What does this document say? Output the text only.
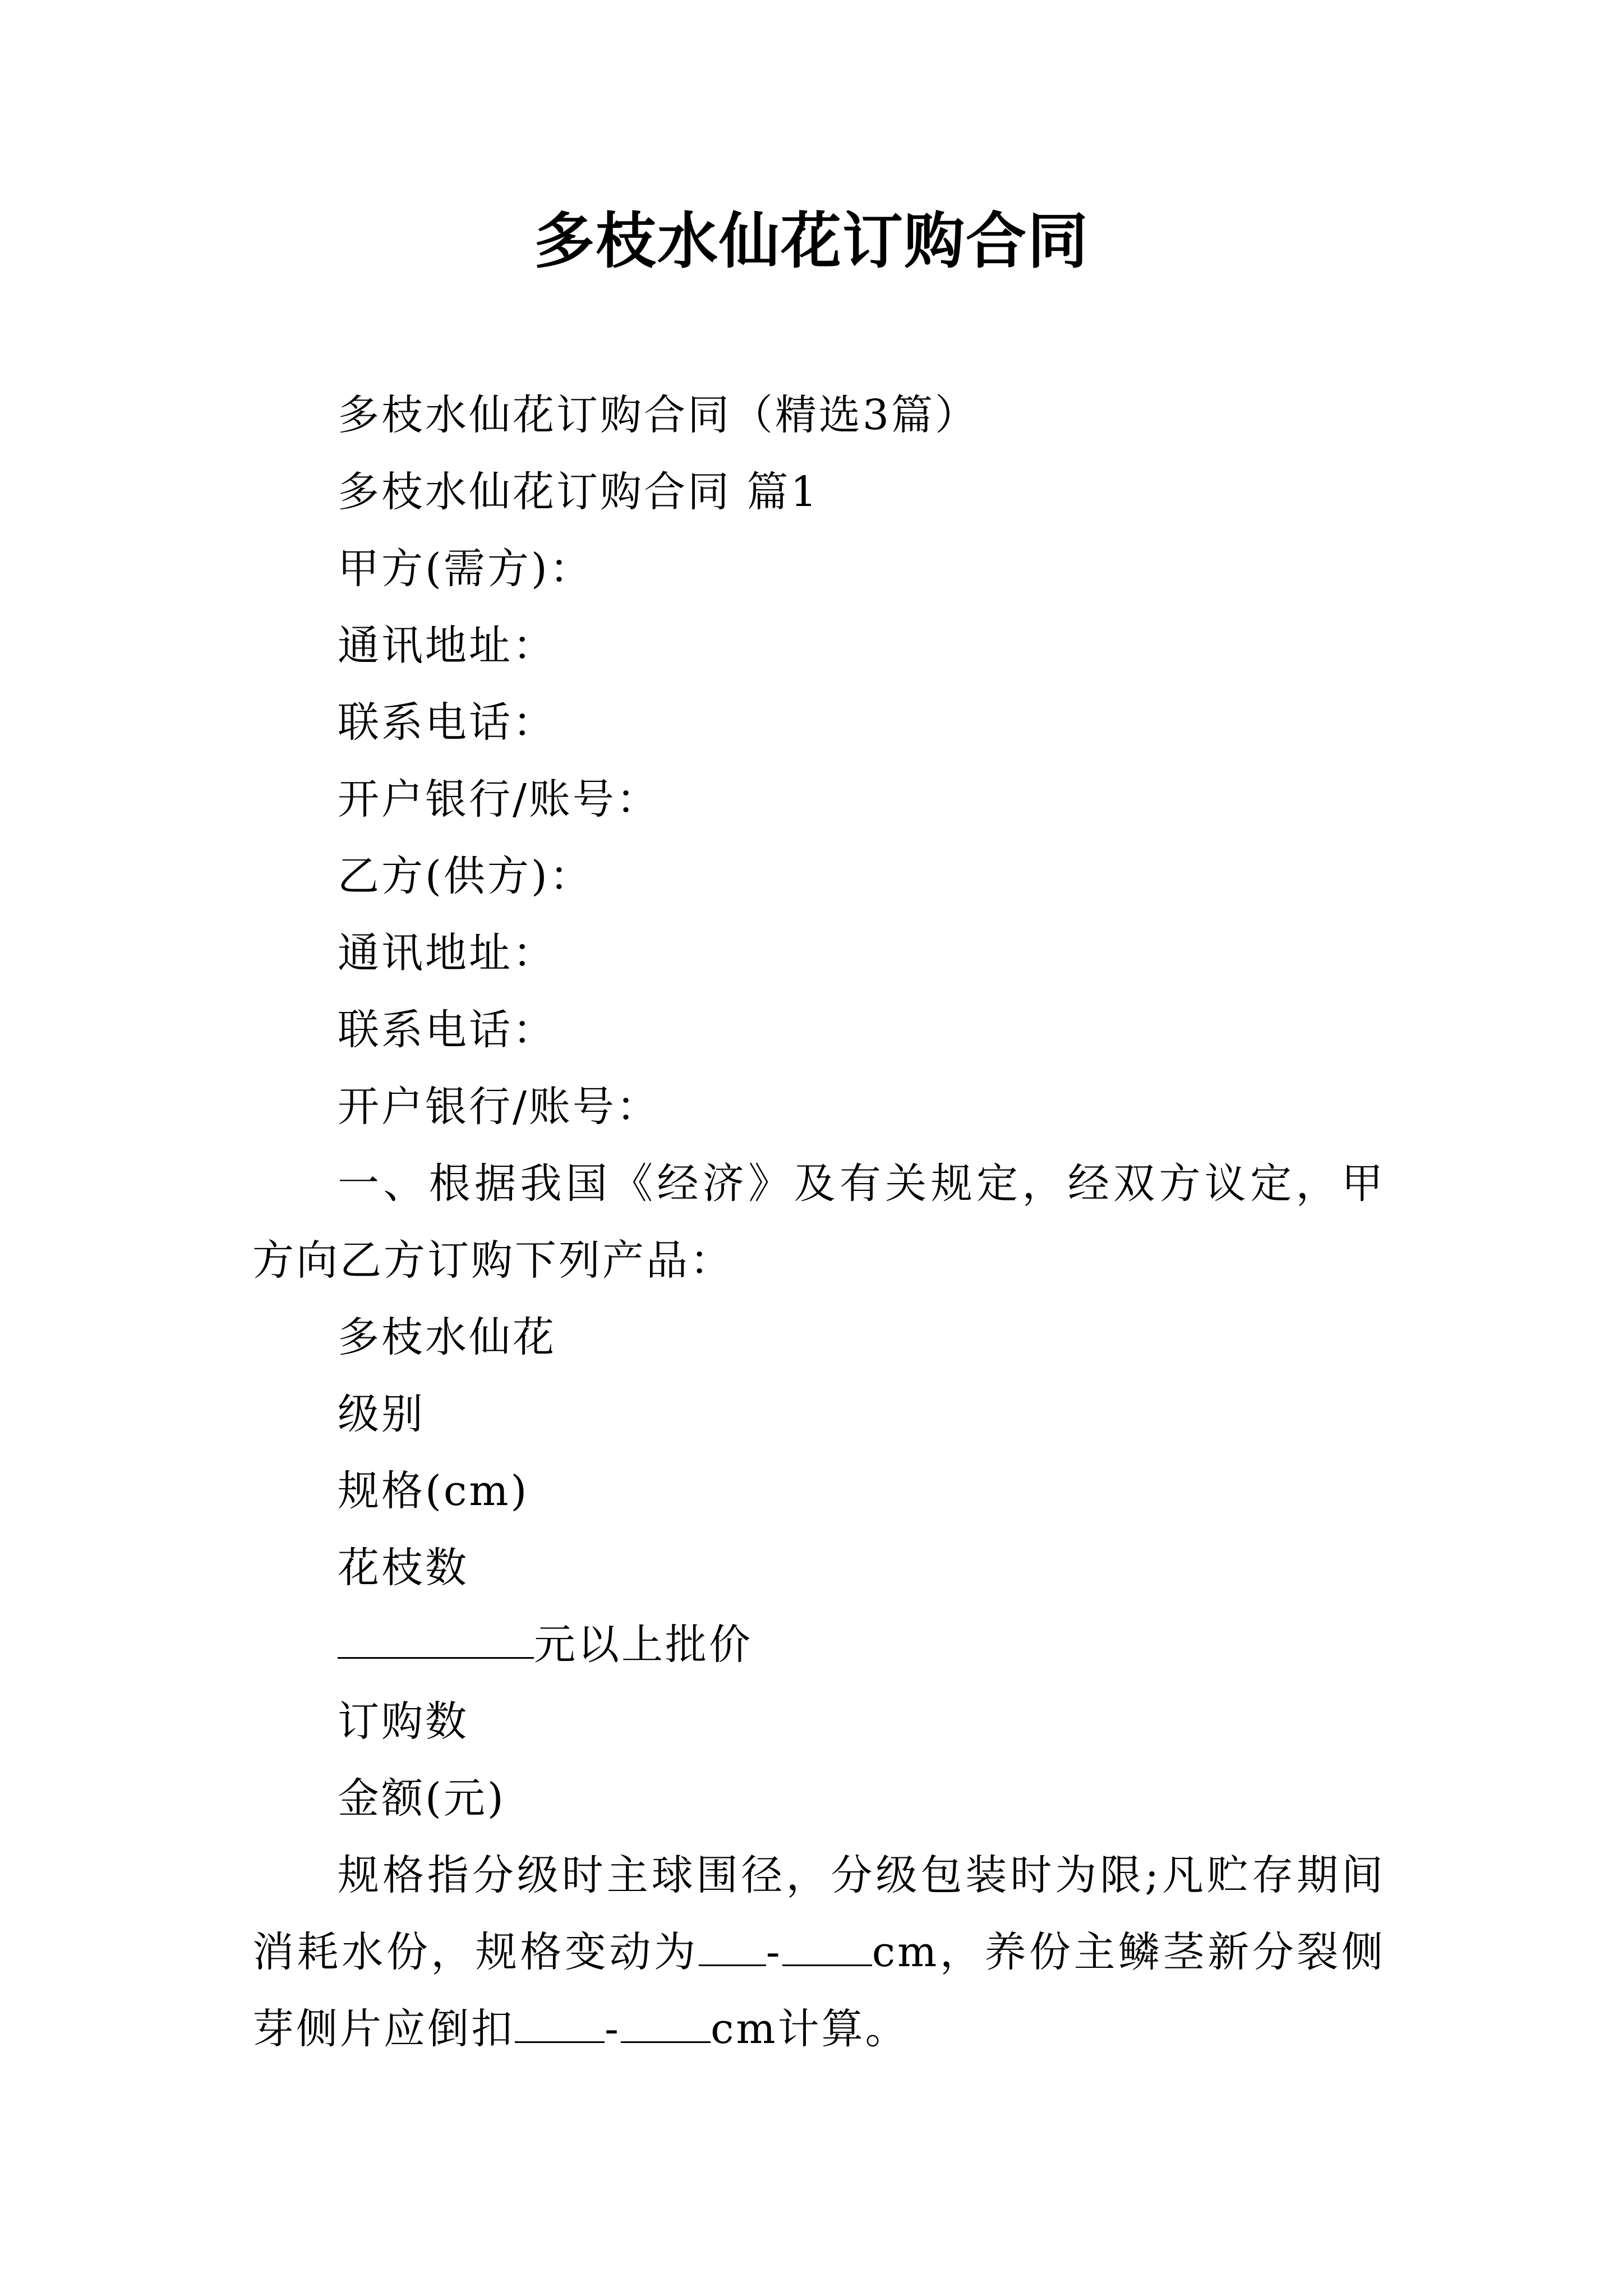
多枝水仙花订购合同

多枝水仙花订购合同（精选3篇）

多枝水仙花订购合同 篇1

甲方(需方)：

通讯地址：

联系电话：

开户银行/账号：

乙方(供方)：

通讯地址：

联系电话：

开户银行/账号：

一、根据我国《经济》及有关规定，经双方议定，甲方向乙方订购下列产品：

多枝水仙花

级别

规格(cm)

花枝数

元以上批价

订购数

金额(元)

规格指分级时主球围径，分级包装时为限;凡贮存期间消耗水份，规格变动为 - cm，养份主鳞茎新分裂侧芽侧片应倒扣 - cm计算。
